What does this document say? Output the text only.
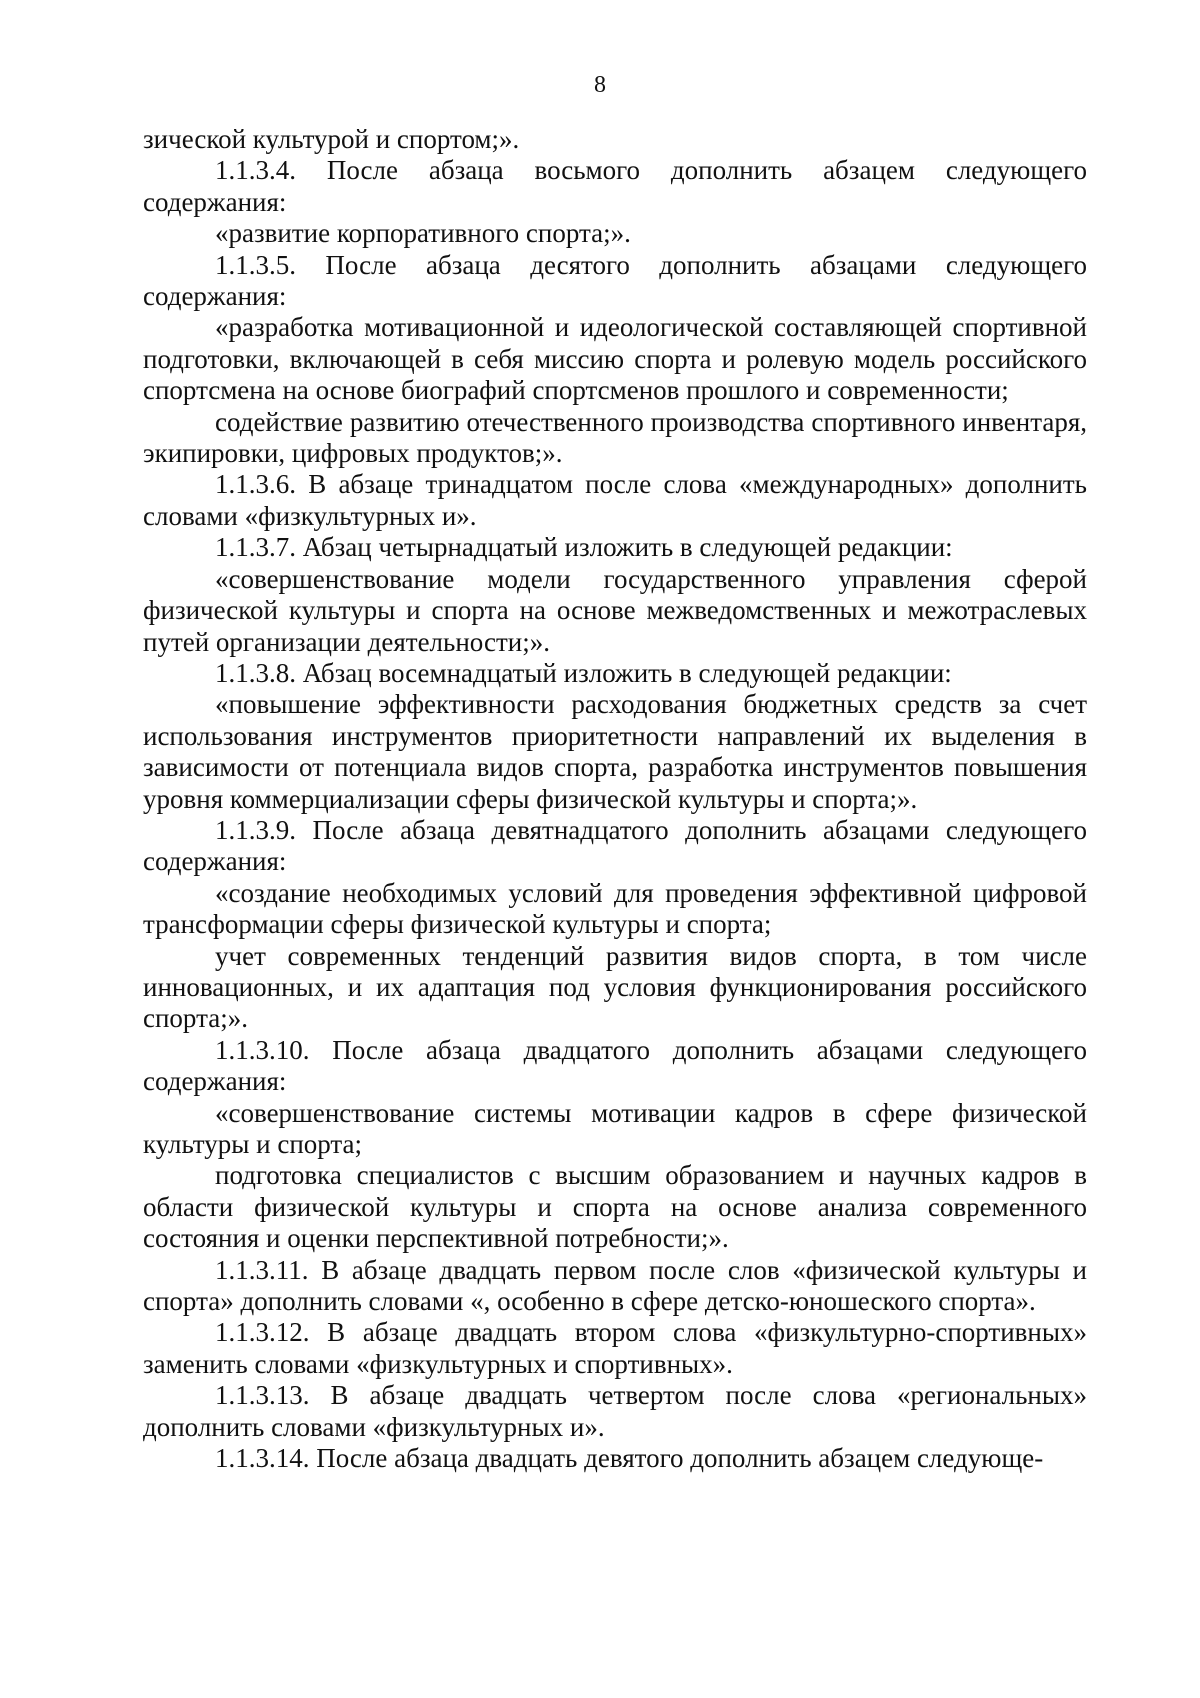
8

зической культурой и спортом;».

1.1.3.4. После абзаца восьмого дополнить абзацем следующего содержания:

«развитие корпоративного спорта;».

1.1.3.5. После абзаца десятого дополнить абзацами следующего содержания:

«разработка мотивационной и идеологической составляющей спортивной подготовки, включающей в себя миссию спорта и ролевую модель российского спортсмена на основе биографий спортсменов прошлого и современности;

содействие развитию отечественного производства спортивного инвентаря, экипировки, цифровых продуктов;».

1.1.3.6. В абзаце тринадцатом после слова «международных» дополнить словами «физкультурных и».

1.1.3.7. Абзац четырнадцатый изложить в следующей редакции:

«совершенствование модели государственного управления сферой физической культуры и спорта на основе межведомственных и межотраслевых путей организации деятельности;».

1.1.3.8. Абзац восемнадцатый изложить в следующей редакции:

«повышение эффективности расходования бюджетных средств за счет использования инструментов приоритетности направлений их выделения в зависимости от потенциала видов спорта, разработка инструментов повышения уровня коммерциализации сферы физической культуры и спорта;».

1.1.3.9. После абзаца девятнадцатого дополнить абзацами следующего содержания:

«создание необходимых условий для проведения эффективной цифровой трансформации сферы физической культуры и спорта;

учет современных тенденций развития видов спорта, в том числе инновационных, и их адаптация под условия функционирования российского спорта;».

1.1.3.10. После абзаца двадцатого дополнить абзацами следующего содержания:

«совершенствование системы мотивации кадров в сфере физической культуры и спорта;

подготовка специалистов с высшим образованием и научных кадров в области физической культуры и спорта на основе анализа современного состояния и оценки перспективной потребности;».

1.1.3.11. В абзаце двадцать первом после слов «физической культуры и спорта» дополнить словами «, особенно в сфере детско-юношеского спорта».

1.1.3.12. В абзаце двадцать втором слова «физкультурно-спортивных» заменить словами «физкультурных и спортивных».

1.1.3.13. В абзаце двадцать четвертом после слова «региональных» дополнить словами «физкультурных и».

1.1.3.14. После абзаца двадцать девятого дополнить абзацем следующе-
